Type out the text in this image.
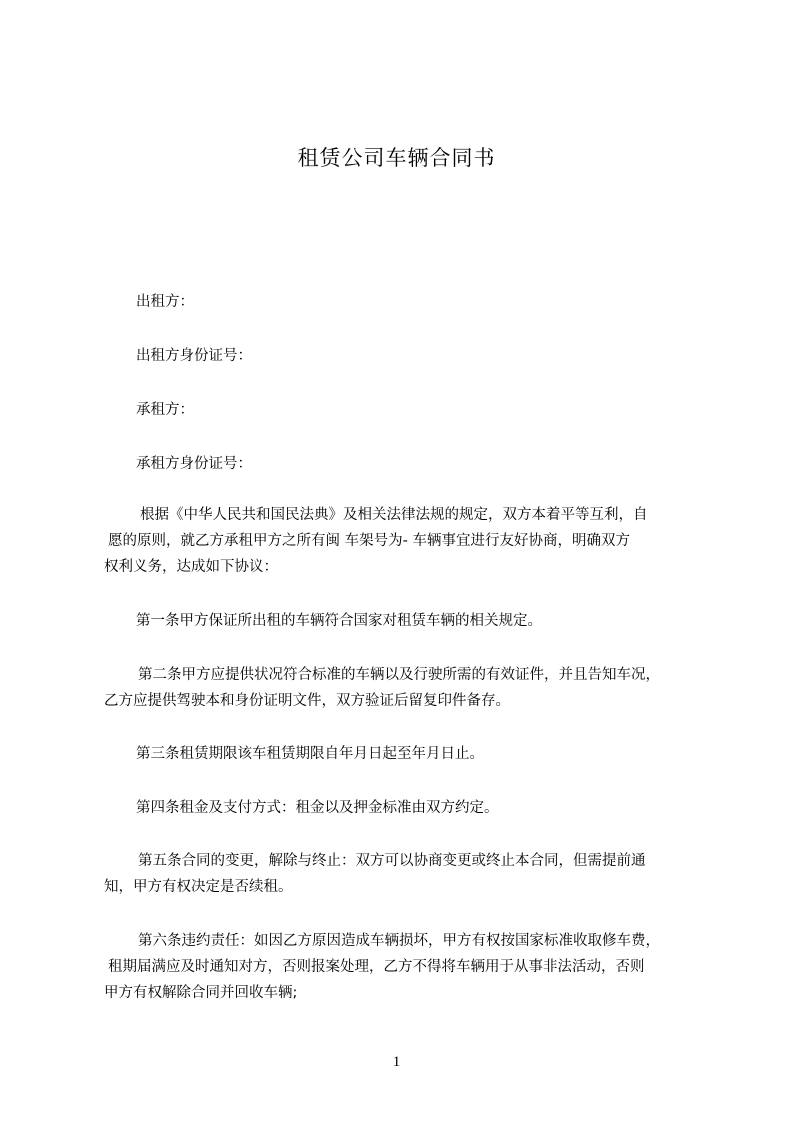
租赁公司车辆合同书
出租方：
出租方身份证号：
承租方：
承租方身份证号：
根据《中华人民共和国民法典》及相关法律法规的规定，双方本着平等互利，自
愿的原则，就乙方承租甲方之所有闽 车架号为- 车辆事宜进行友好协商，明确双方
权利义务，达成如下协议：
第一条甲方保证所出租的车辆符合国家对租赁车辆的相关规定。
第二条甲方应提供状况符合标准的车辆以及行驶所需的有效证件，并且告知车况，
乙方应提供驾驶本和身份证明文件，双方验证后留复印件备存。
第三条租赁期限该车租赁期限自年月日起至年月日止。
第四条租金及支付方式：租金以及押金标准由双方约定。
第五条合同的变更，解除与终止：双方可以协商变更或终止本合同，但需提前通
知，甲方有权决定是否续租。
第六条违约责任：如因乙方原因造成车辆损坏，甲方有权按国家标准收取修车费，
租期届满应及时通知对方，否则报案处理，乙方不得将车辆用于从事非法活动，否则
甲方有权解除合同并回收车辆;
1
